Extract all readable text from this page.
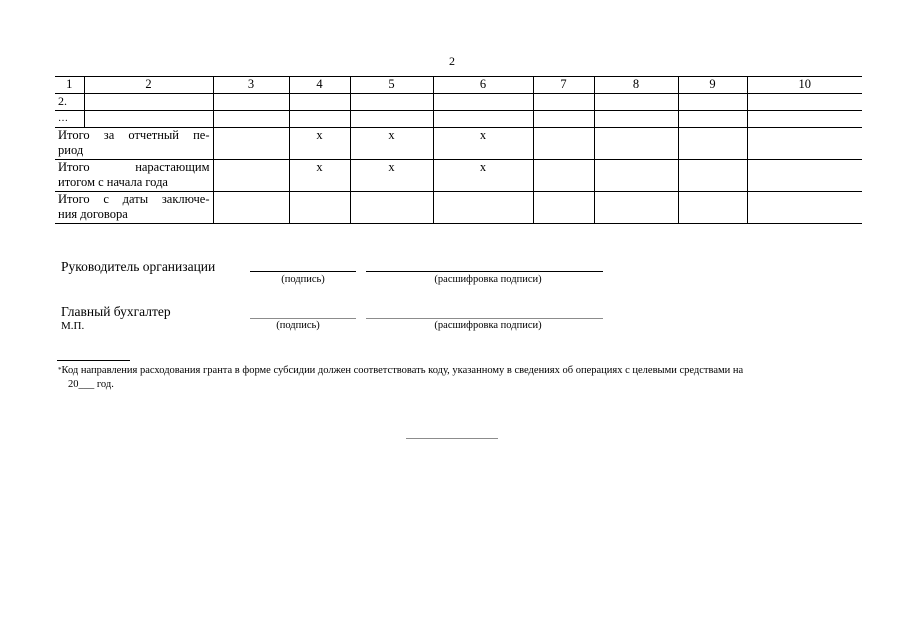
2
1	2	3	4	5	6	7	8	9	10
2.									
…									

Итого за отчетный пе-
риод			x	x	x				

Итого нарастающим
итогом с начала года			x	x	x				

Итого с даты заключе-
ния договора									

Руководитель организации
(подпись)	(расшифровка подписи)
Главный бухгалтер
М.П.	(подпись)	(расшифровка подписи)
*Код направления расходования гранта в форме субсидии должен соответствовать коду, указанному в сведениях об операциях с целевыми средствами на
20___ год.
